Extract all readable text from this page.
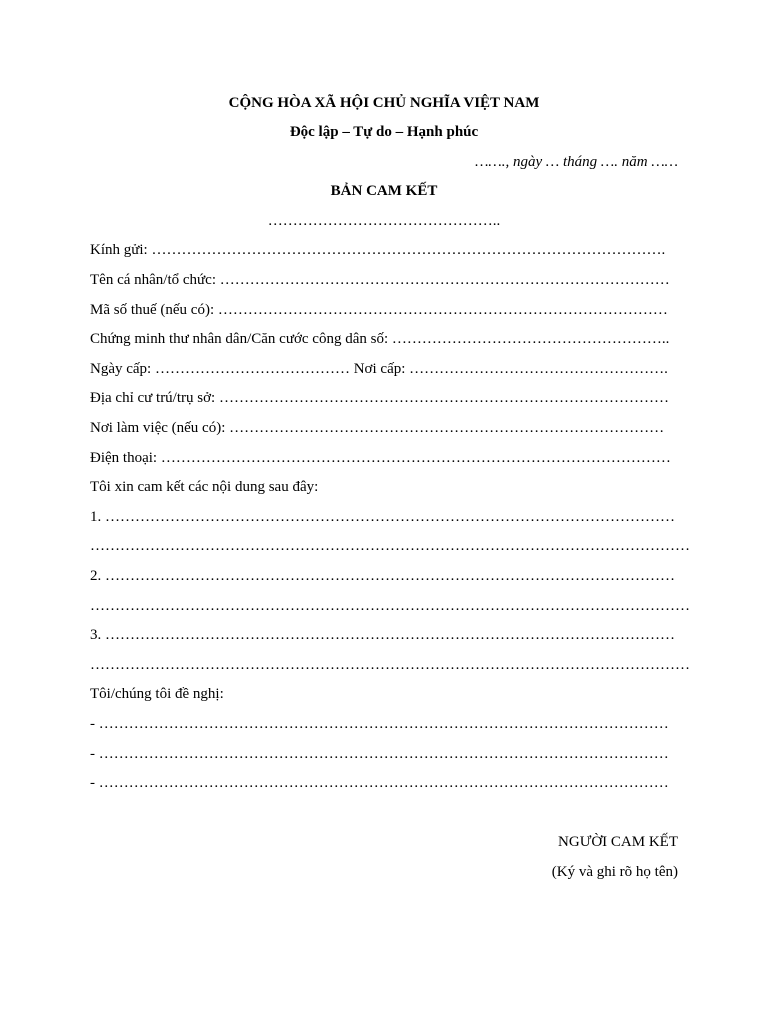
CỘNG HÒA XÃ HỘI CHỦ NGHĨA VIỆT NAM
Độc lập – Tự do – Hạnh phúc
……., ngày … tháng …. năm ……
BẢN CAM KẾT
………………………………………..
Kính gửi: ………………………………………………………………………………………….
Tên cá nhân/tổ chức: ………………………………………………………………………………
Mã số thuế (nếu có): ………………………………………………………………………………
Chứng minh thư nhân dân/Căn cước công dân số: ………………………………………………..
Ngày cấp: ………………………………… Nơi cấp: …………………………………………….
Địa chỉ cư trú/trụ sở: ………………………………………………………………………………
Nơi làm việc (nếu có): ……………………………………………………………………………
Điện thoại: …………………………………………………………………………………………
Tôi xin cam kết các nội dung sau đây:
1. ……………………………………………………………………………………………………
…………………………………………………………………………………………………………
2. ……………………………………………………………………………………………………
…………………………………………………………………………………………………………
3. ……………………………………………………………………………………………………
…………………………………………………………………………………………………………
Tôi/chúng tôi đề nghị:
- ……………………………………………………………………………………………………
- ……………………………………………………………………………………………………
- ……………………………………………………………………………………………………
NGƯỜI CAM KẾT
(Ký và ghi rõ họ tên)
